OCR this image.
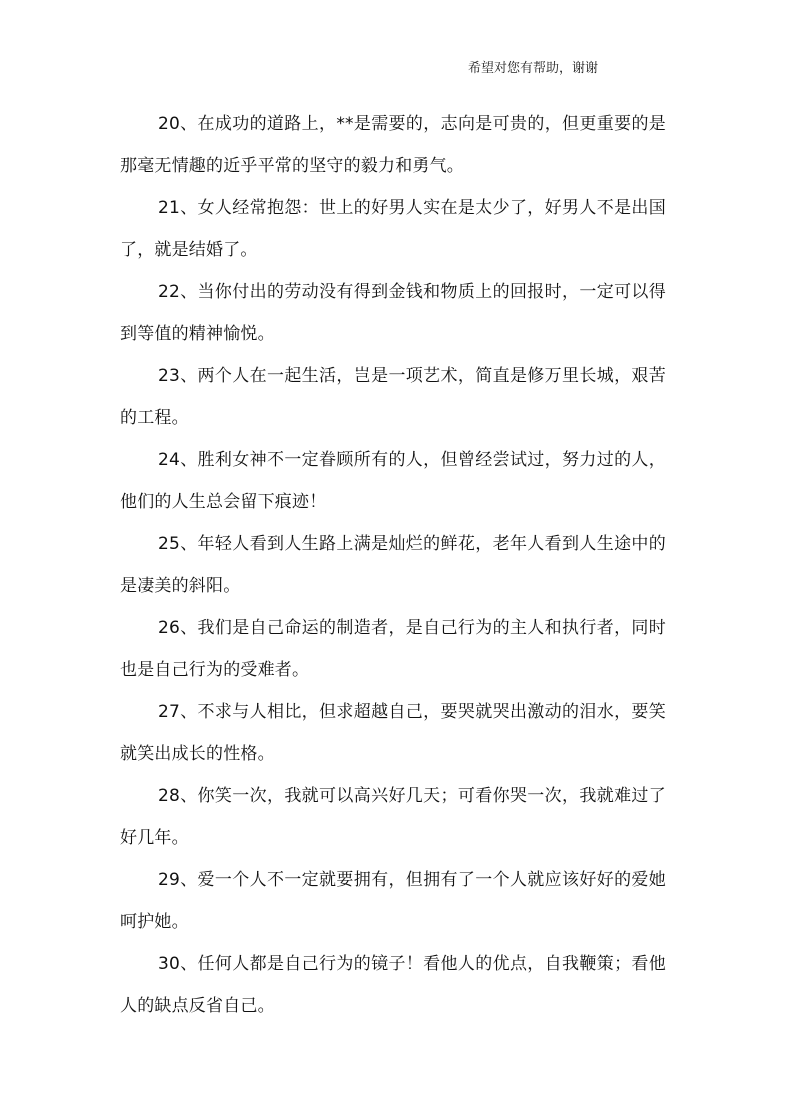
希望对您有帮助，谢谢

20、在成功的道路上，**是需要的，志向是可贵的，但更重要的是那毫无情趣的近乎平常的坚守的毅力和勇气。

21、女人经常抱怨：世上的好男人实在是太少了，好男人不是出国了，就是结婚了。

22、当你付出的劳动没有得到金钱和物质上的回报时，一定可以得到等值的精神愉悦。

23、两个人在一起生活，岂是一项艺术，简直是修万里长城，艰苦的工程。

24、胜利女神不一定眷顾所有的人，但曾经尝试过，努力过的人，他们的人生总会留下痕迹！

25、年轻人看到人生路上满是灿烂的鲜花，老年人看到人生途中的是凄美的斜阳。

26、我们是自己命运的制造者，是自己行为的主人和执行者，同时也是自己行为的受难者。

27、不求与人相比，但求超越自己，要哭就哭出激动的泪水，要笑就笑出成长的性格。

28、你笑一次，我就可以高兴好几天；可看你哭一次，我就难过了好几年。

29、爱一个人不一定就要拥有，但拥有了一个人就应该好好的爱她呵护她。

30、任何人都是自己行为的镜子！看他人的优点，自我鞭策；看他人的缺点反省自己。
